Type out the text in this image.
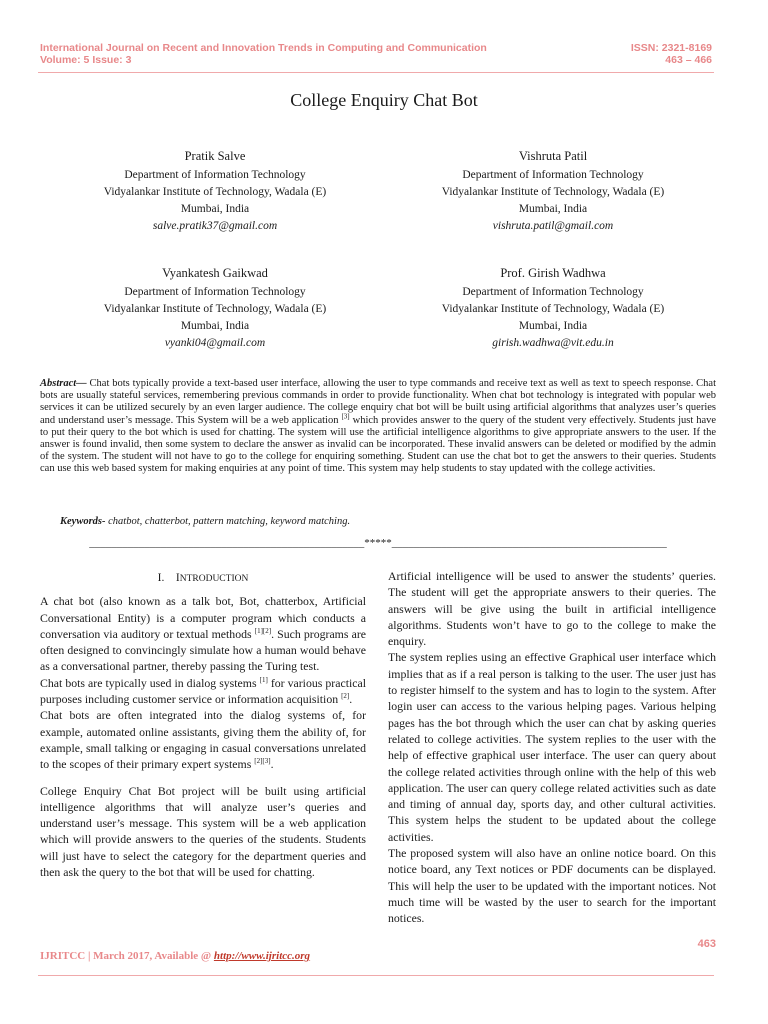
International Journal on Recent and Innovation Trends in Computing and Communication
Volume: 5 Issue: 3
ISSN: 2321-8169
463 – 466
College Enquiry Chat Bot
Pratik Salve
Department of Information Technology
Vidyalankar Institute of Technology, Wadala (E)
Mumbai, India
salve.pratik37@gmail.com
Vishruta Patil
Department of Information Technology
Vidyalankar Institute of Technology, Wadala (E)
Mumbai, India
vishruta.patil@gmail.com
Vyankatesh Gaikwad
Department of Information Technology
Vidyalankar Institute of Technology, Wadala (E)
Mumbai, India
vyanki04@gmail.com
Prof. Girish Wadhwa
Department of Information Technology
Vidyalankar Institute of Technology, Wadala (E)
Mumbai, India
girish.wadhwa@vit.edu.in
Abstract— Chat bots typically provide a text-based user interface, allowing the user to type commands and receive text as well as text to speech response. Chat bots are usually stateful services, remembering previous commands in order to provide functionality. When chat bot technology is integrated with popular web services it can be utilized securely by an even larger audience. The college enquiry chat bot will be built using artificial algorithms that analyzes user’s queries and understand user’s message. This System will be a web application [3] which provides answer to the query of the student very effectively. Students just have to put their query to the bot which is used for chatting. The system will use the artificial intelligence algorithms to give appropriate answers to the user. If the answer is found invalid, then some system to declare the answer as invalid can be incorporated. These invalid answers can be deleted or modified by the admin of the system. The student will not have to go to the college for enquiring something. Student can use the chat bot to get the answers to their queries. Students can use this web based system for making enquiries at any point of time. This system may help students to stay updated with the college activities.
Keywords- chatbot, chatterbot, pattern matching, keyword matching.
__________________________________________________*****__________________________________________________

I. INTRODUCTION

A chat bot (also known as a talk bot, Bot, chatterbox, Artificial Conversational Entity) is a computer program which conducts a conversation via auditory or textual methods [1][2]. Such programs are often designed to convincingly simulate how a human would behave as a conversational partner, thereby passing the Turing test.

Chat bots are typically used in dialog systems [1] for various practical purposes including customer service or information acquisition [2].

Chat bots are often integrated into the dialog systems of, for example, automated online assistants, giving them the ability of, for example, small talking or engaging in casual conversations unrelated to the scopes of their primary expert systems [2][3].

College Enquiry Chat Bot project will be built using artificial intelligence algorithms that will analyze user’s queries and understand user’s message. This system will be a web application which will provide answers to the queries of the students. Students will just have to select the category for the department queries and then ask the query to the bot that will be used for chatting.

Artificial intelligence will be used to answer the students’ queries. The student will get the appropriate answers to their queries. The answers will be give using the built in artificial intelligence algorithms. Students won’t have to go to the college to make the enquiry.

The system replies using an effective Graphical user interface which implies that as if a real person is talking to the user. The user just has to register himself to the system and has to login to the system. After login user can access to the various helping pages. Various helping pages has the bot through which the user can chat by asking queries related to college activities. The system replies to the user with the help of effective graphical user interface. The user can query about the college related activities through online with the help of this web application. The user can query college related activities such as date and timing of annual day, sports day, and other cultural activities. This system helps the student to be updated about the college activities.

The proposed system will also have an online notice board. On this notice board, any Text notices or PDF documents can be displayed. This will help the user to be updated with the important notices. Not much time will be wasted by the user to search for the important notices.

463
IJRITCC | March 2017, Available @ http://www.ijritcc.org
